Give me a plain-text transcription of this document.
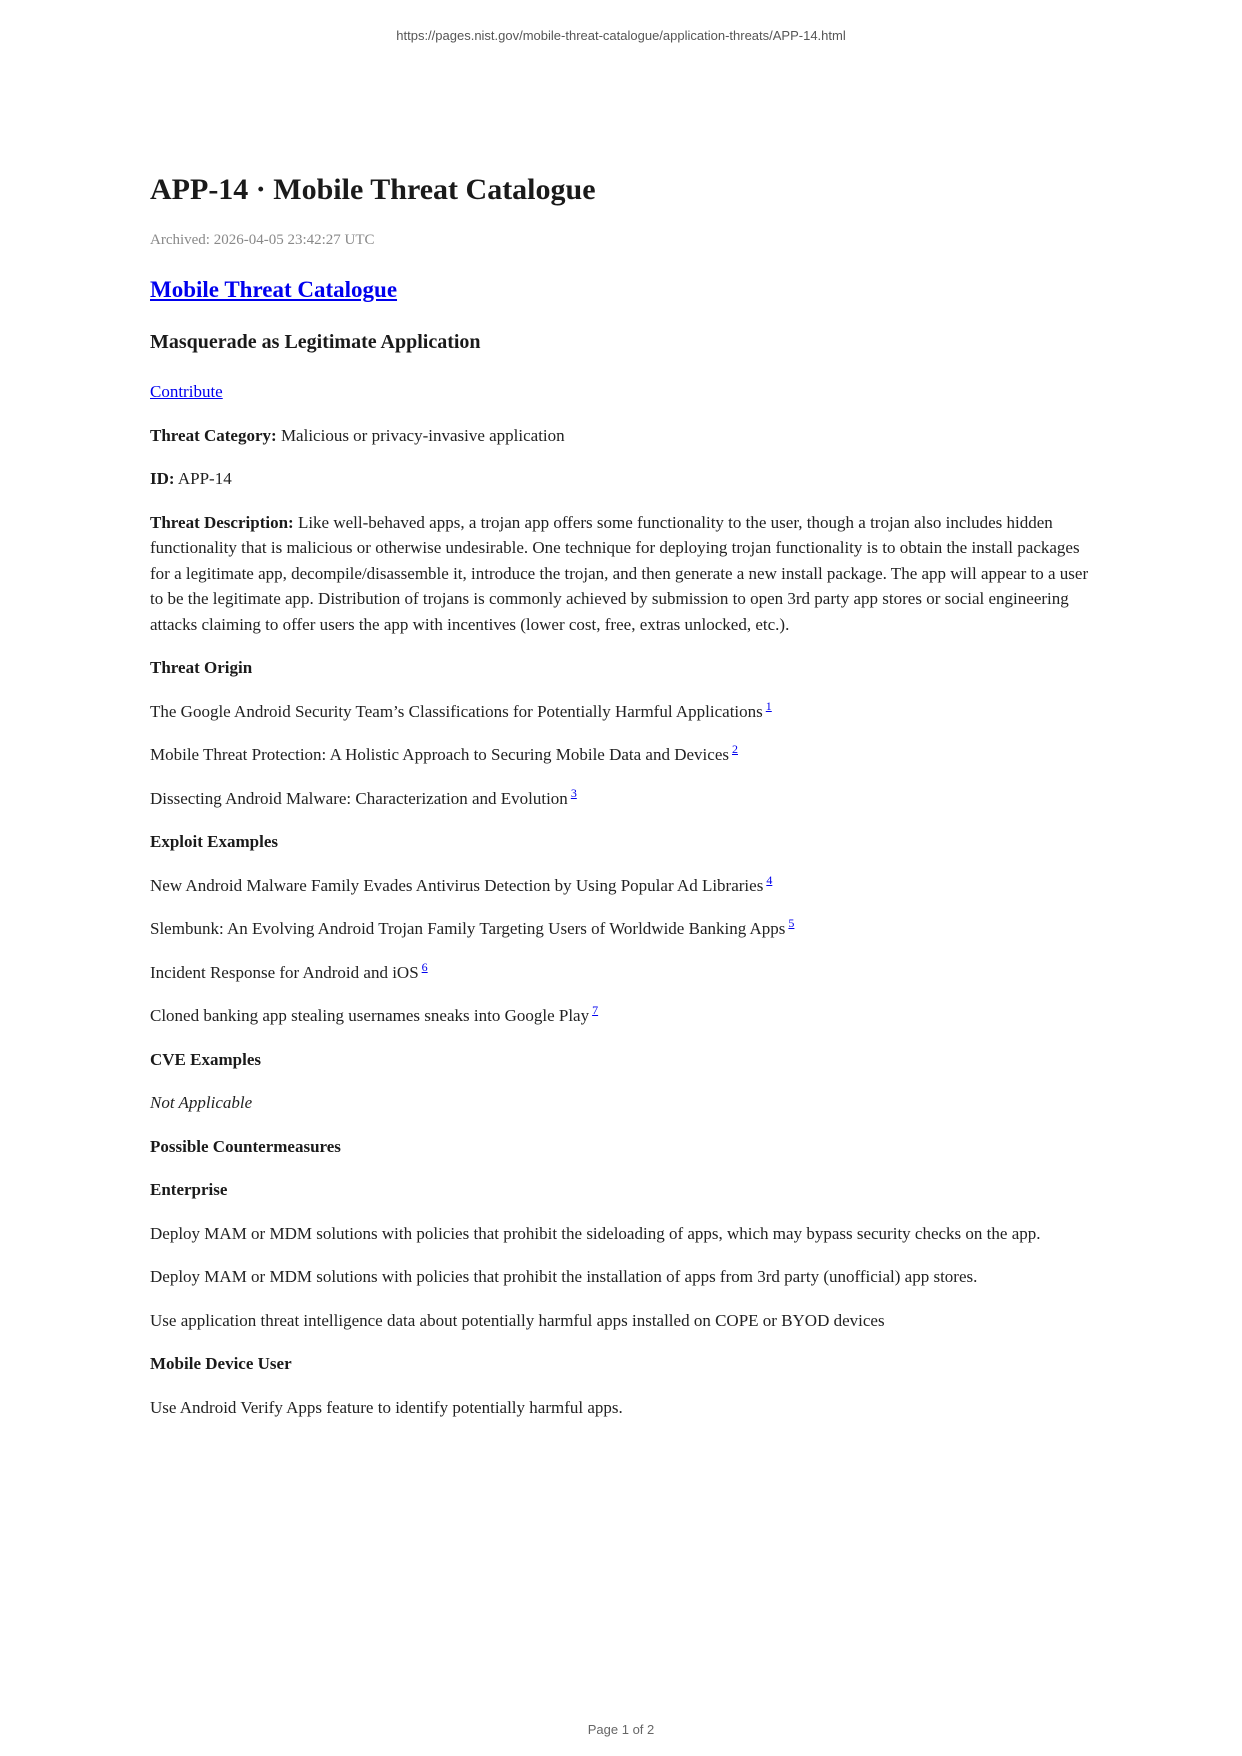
https://pages.nist.gov/mobile-threat-catalogue/application-threats/APP-14.html
APP-14 · Mobile Threat Catalogue

Archived: 2026-04-05 23:42:27 UTC

Mobile Threat Catalogue
Masquerade as Legitimate Application

Contribute

Threat Category: Malicious or privacy-invasive application

ID: APP-14

Threat Description: Like well-behaved apps, a trojan app offers some functionality to the user, though a trojan also includes hidden functionality that is malicious or otherwise undesirable. One technique for deploying trojan functionality is to obtain the install packages for a legitimate app, decompile/disassemble it, introduce the trojan, and then generate a new install package. The app will appear to a user to be the legitimate app. Distribution of trojans is commonly achieved by submission to open 3rd party app stores or social engineering attacks claiming to offer users the app with incentives (lower cost, free, extras unlocked, etc.).

Threat Origin

The Google Android Security Team’s Classifications for Potentially Harmful Applications $^1$

Mobile Threat Protection: A Holistic Approach to Securing Mobile Data and Devices $^2$

Dissecting Android Malware: Characterization and Evolution $^3$

Exploit Examples

New Android Malware Family Evades Antivirus Detection by Using Popular Ad Libraries $^4$

Slembunk: An Evolving Android Trojan Family Targeting Users of Worldwide Banking Apps $^5$

Incident Response for Android and iOS $^6$

Cloned banking app stealing usernames sneaks into Google Play $^7$

CVE Examples

Not Applicable

Possible Countermeasures
Enterprise

Deploy MAM or MDM solutions with policies that prohibit the sideloading of apps, which may bypass security checks on the app.

Deploy MAM or MDM solutions with policies that prohibit the installation of apps from 3rd party (unofficial) app stores.

Use application threat intelligence data about potentially harmful apps installed on COPE or BYOD devices

Mobile Device User

Use Android Verify Apps feature to identify potentially harmful apps.

Page 1 of 2
